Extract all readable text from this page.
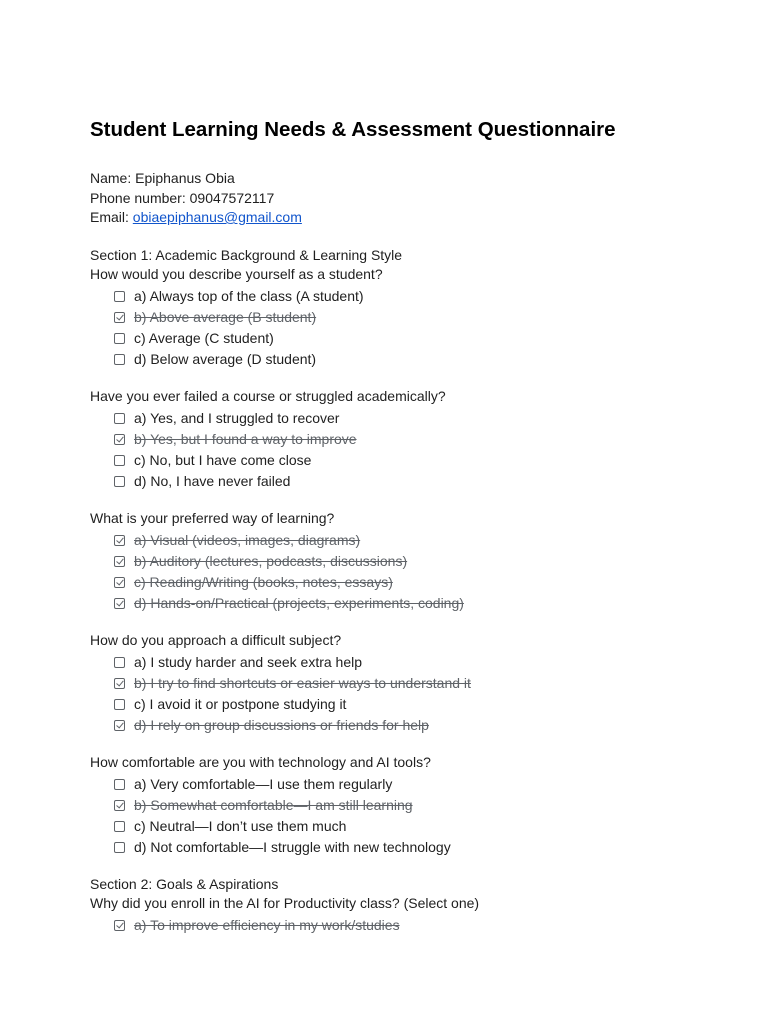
Student Learning Needs & Assessment Questionnaire
Name: Epiphanus Obia
Phone number: 09047572117
Email: obiaepiphanus@gmail.com
Section 1: Academic Background & Learning Style
How would you describe yourself as a student?
a) Always top of the class (A student)
b) Above average (B student)
c) Average (C student)
d) Below average (D student)
Have you ever failed a course or struggled academically?
a) Yes, and I struggled to recover
b) Yes, but I found a way to improve
c) No, but I have come close
d) No, I have never failed
What is your preferred way of learning?
a) Visual (videos, images, diagrams)
b) Auditory (lectures, podcasts, discussions)
c) Reading/Writing (books, notes, essays)
d) Hands-on/Practical (projects, experiments, coding)
How do you approach a difficult subject?
a) I study harder and seek extra help
b) I try to find shortcuts or easier ways to understand it
c) I avoid it or postpone studying it
d) I rely on group discussions or friends for help
How comfortable are you with technology and AI tools?
a) Very comfortable—I use them regularly
b) Somewhat comfortable—I am still learning
c) Neutral—I don’t use them much
d) Not comfortable—I struggle with new technology
Section 2: Goals & Aspirations
Why did you enroll in the AI for Productivity class? (Select one)
a) To improve efficiency in my work/studies
